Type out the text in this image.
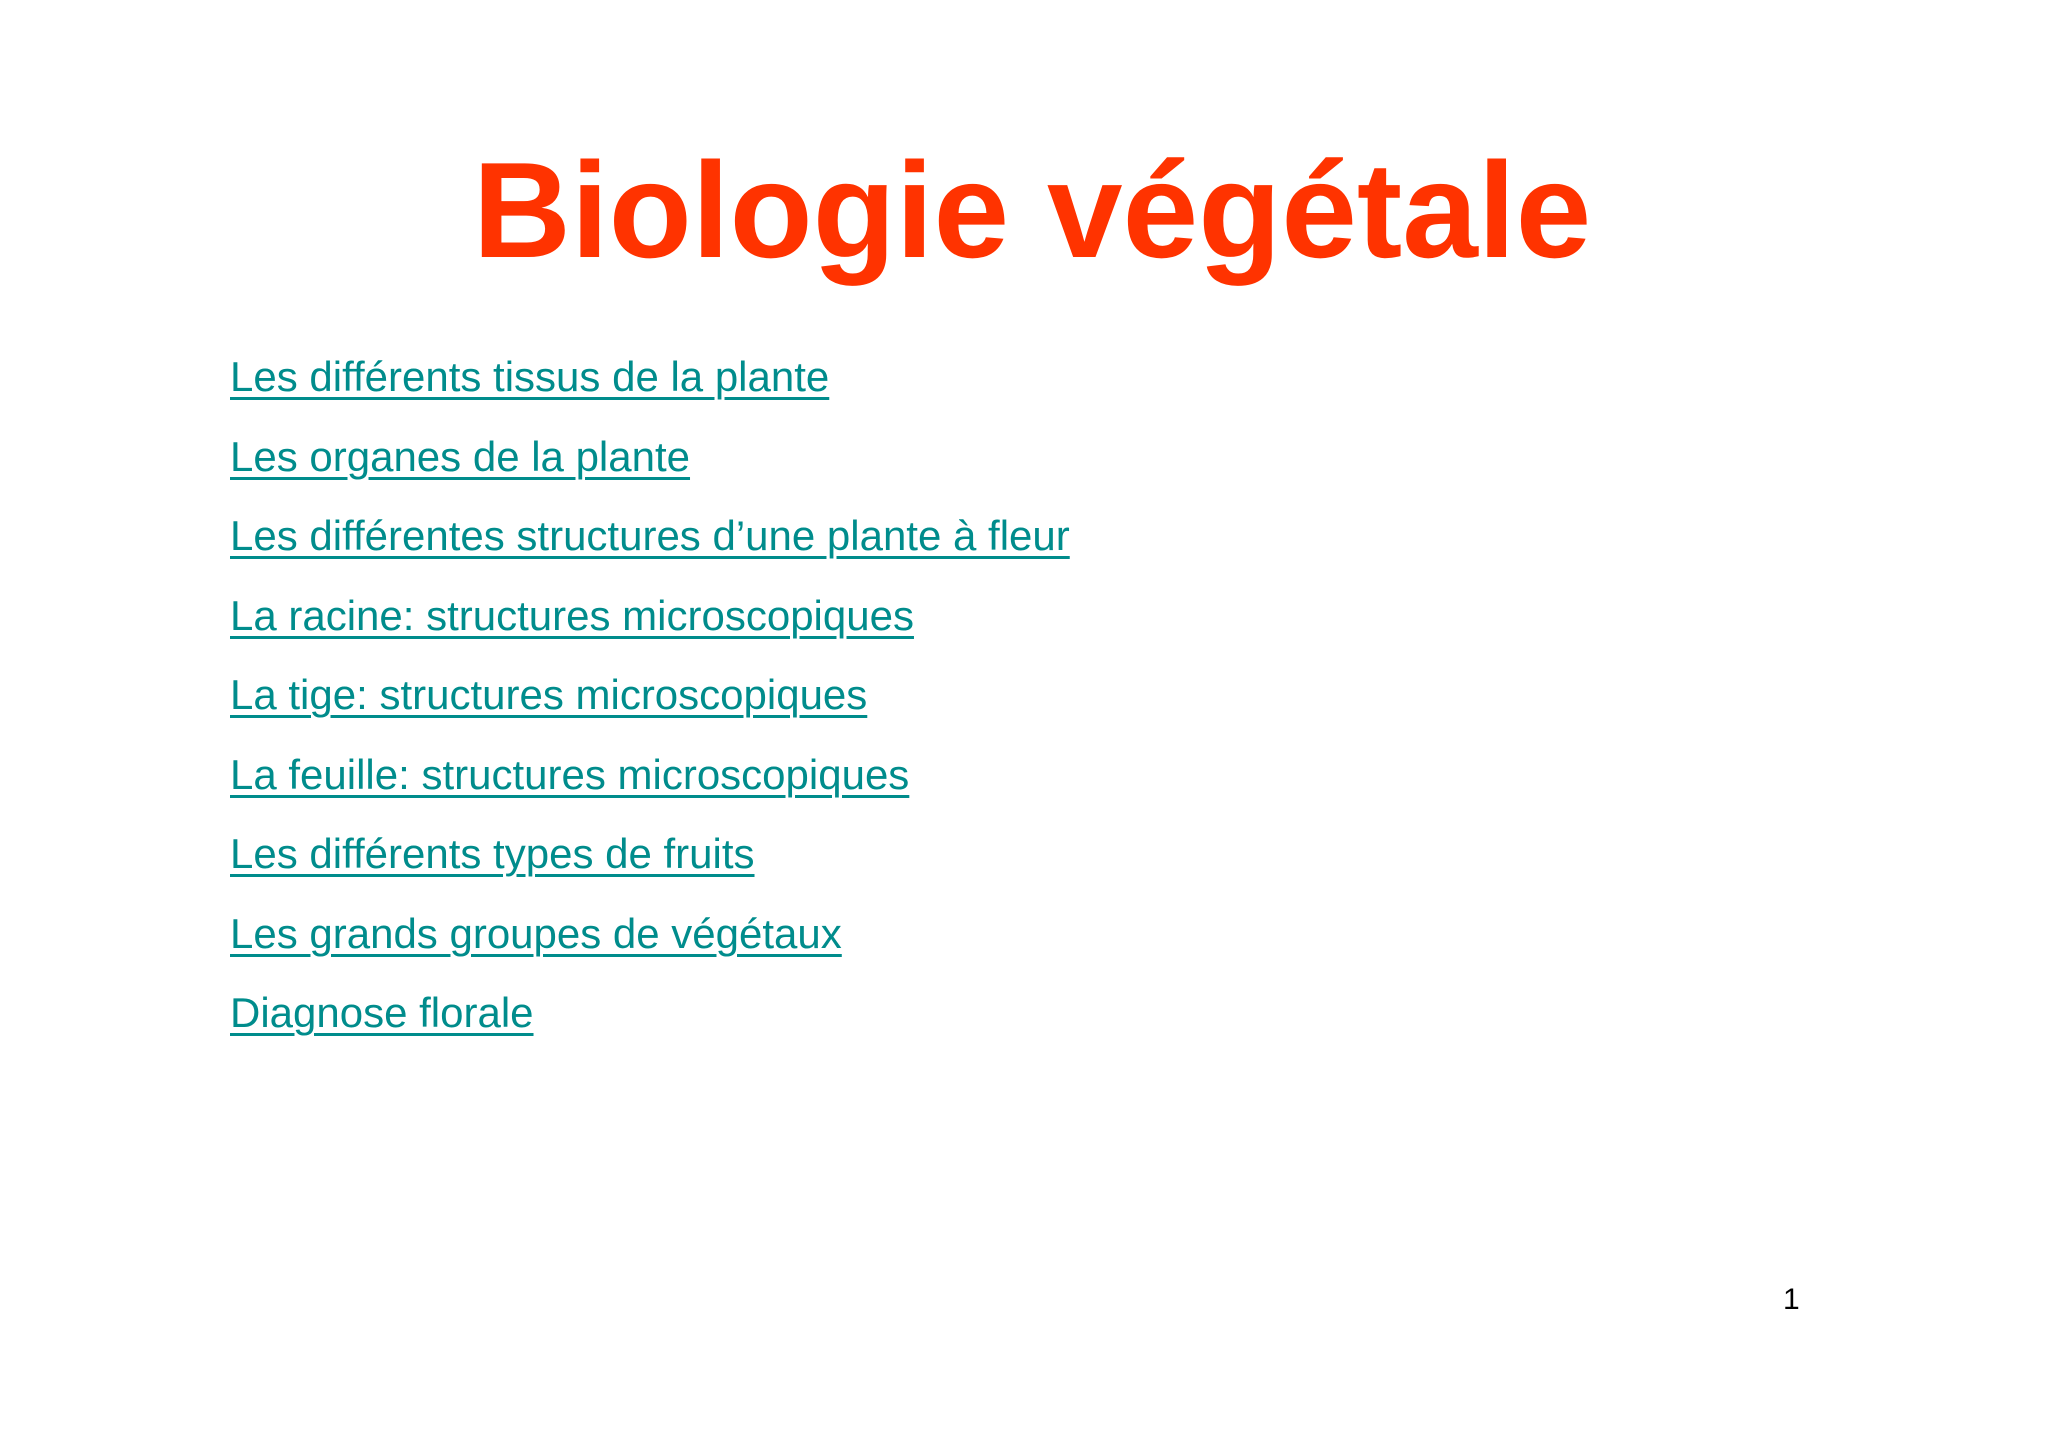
Biologie végétale
Les différents tissus de la plante
Les organes de la plante
Les différentes structures d’une plante à fleur
La racine: structures microscopiques
La tige: structures microscopiques
La feuille: structures microscopiques
Les différents types de fruits
Les grands groupes de végétaux
Diagnose florale
1
